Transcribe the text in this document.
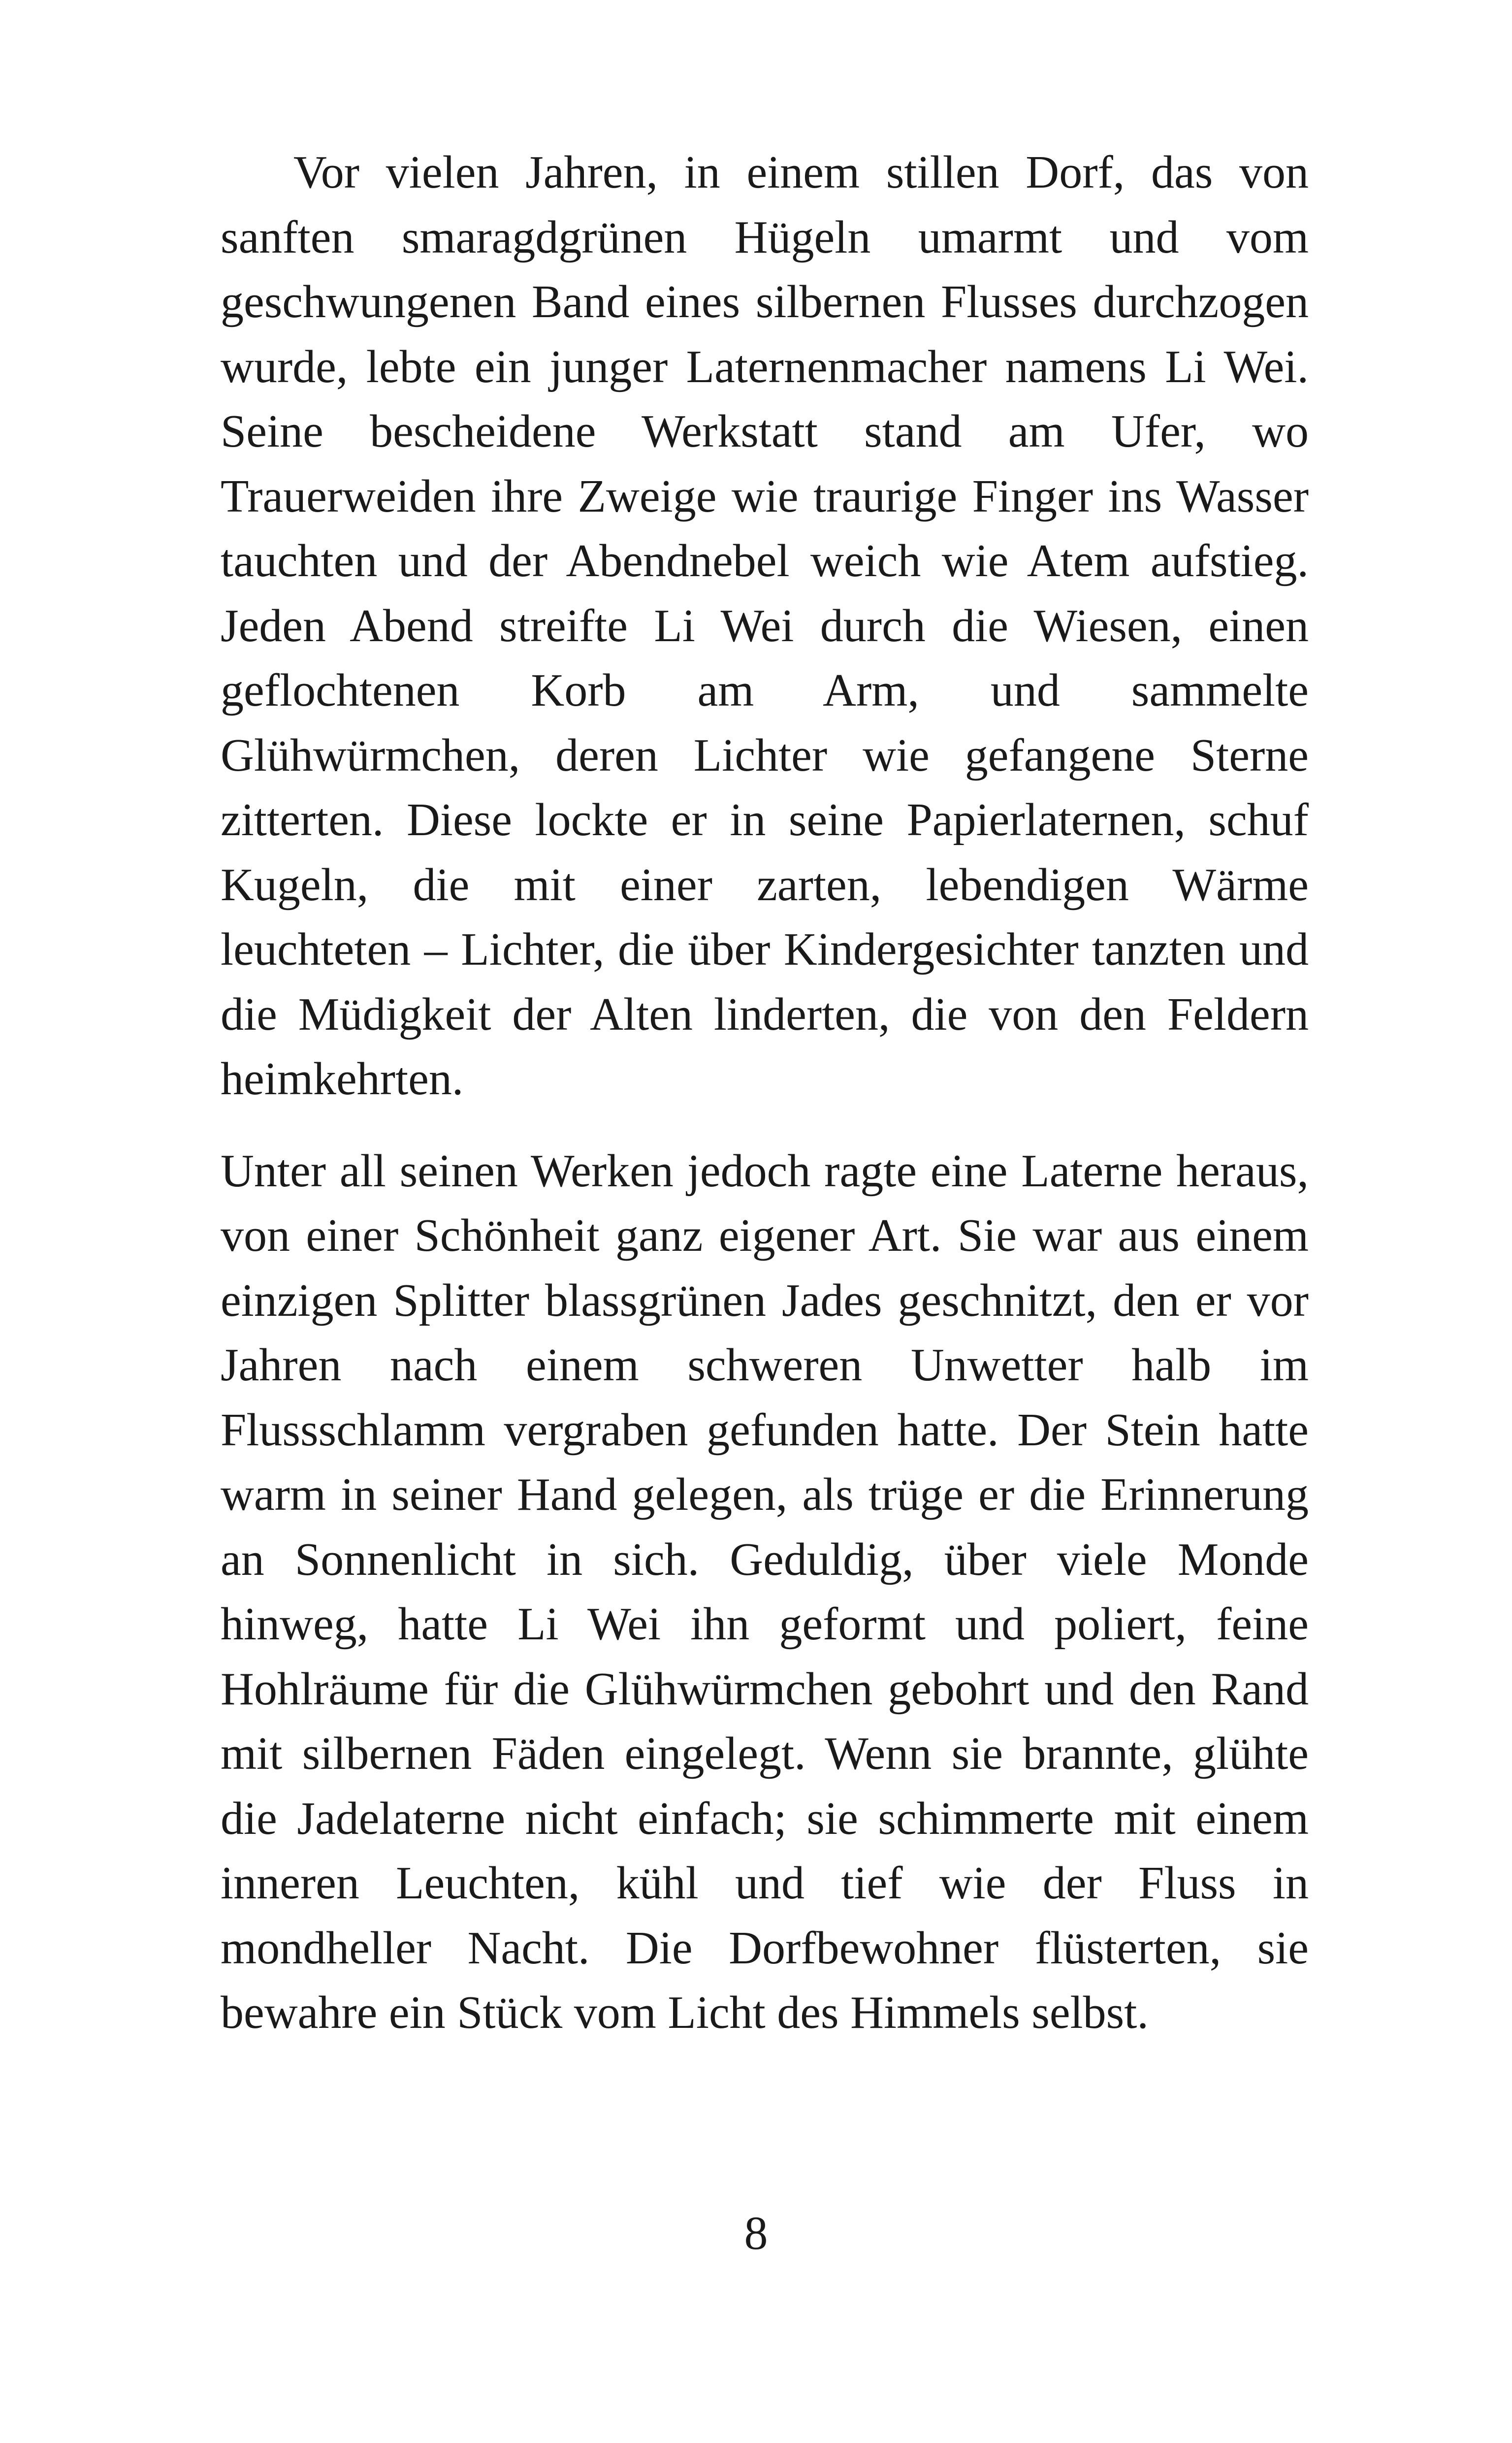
Vor vielen Jahren, in einem stillen Dorf, das von sanften smaragdgrünen Hügeln umarmt und vom geschwungenen Band eines silbernen Flusses durchzogen wurde, lebte ein junger Laternenmacher namens Li Wei. Seine bescheidene Werkstatt stand am Ufer, wo Trauerweiden ihre Zweige wie traurige Finger ins Wasser tauchten und der Abendnebel weich wie Atem aufstieg. Jeden Abend streifte Li Wei durch die Wiesen, einen geflochtenen Korb am Arm, und sammelte Glühwürmchen, deren Lichter wie gefangene Sterne zitterten. Diese lockte er in seine Papierlaternen, schuf Kugeln, die mit einer zarten, lebendigen Wärme leuchteten – Lichter, die über Kindergesichter tanzten und die Müdigkeit der Alten linderten, die von den Feldern heimkehrten.

Unter all seinen Werken jedoch ragte eine Laterne heraus, von einer Schönheit ganz eigener Art. Sie war aus einem einzigen Splitter blassgrünen Jades geschnitzt, den er vor Jahren nach einem schweren Unwetter halb im Flussschlamm vergraben gefunden hatte. Der Stein hatte warm in seiner Hand gelegen, als trüge er die Erinnerung an Sonnenlicht in sich. Geduldig, über viele Monde hinweg, hatte Li Wei ihn geformt und poliert, feine Hohlräume für die Glühwürmchen gebohrt und den Rand mit silbernen Fäden eingelegt. Wenn sie brannte, glühte die Jadelaterne nicht einfach; sie schimmerte mit einem inneren Leuchten, kühl und tief wie der Fluss in mondheller Nacht. Die Dorfbewohner flüsterten, sie bewahre ein Stück vom Licht des Himmels selbst.

8
